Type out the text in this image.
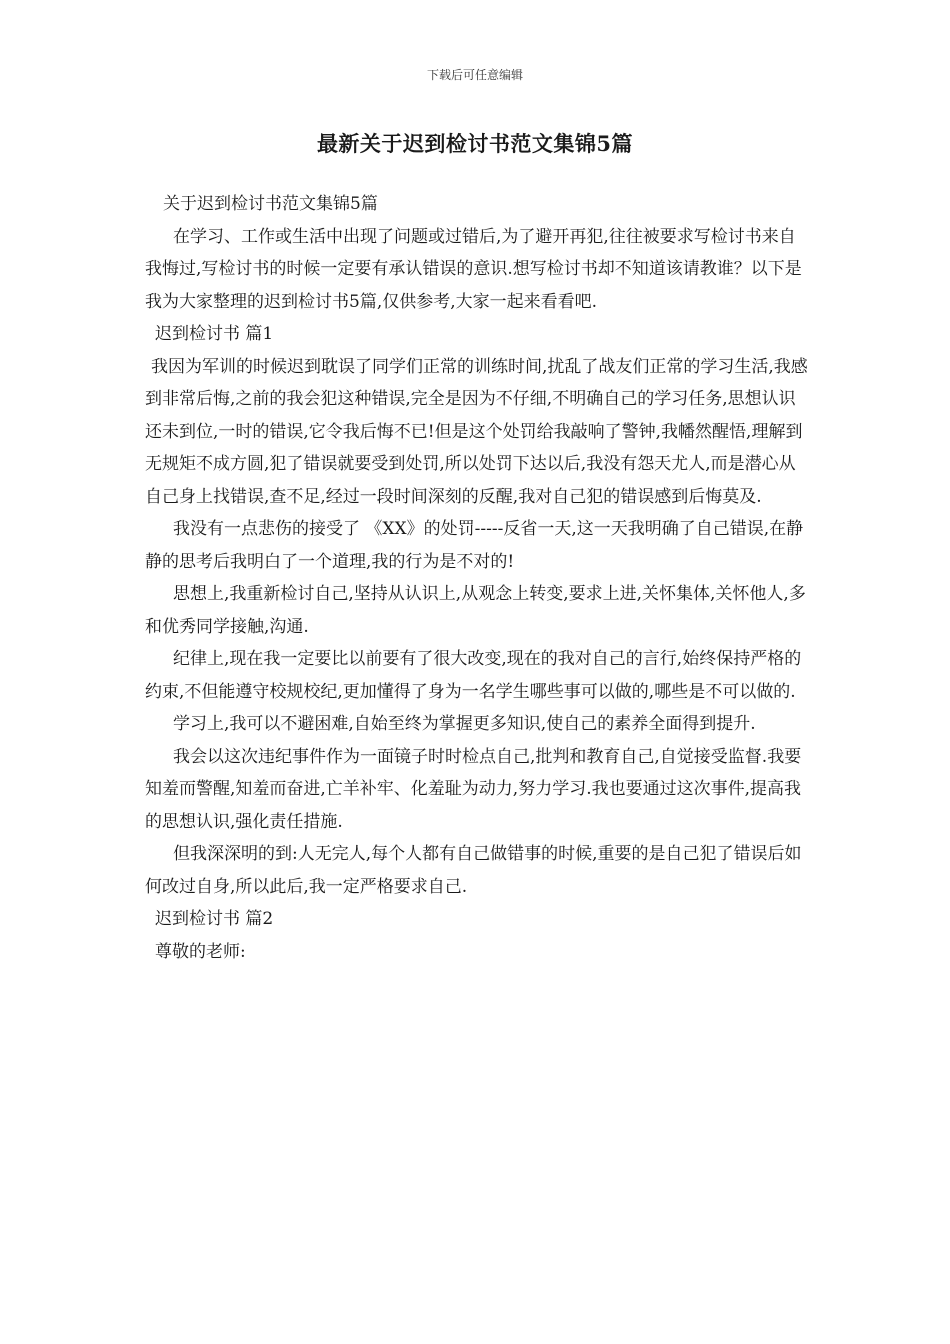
下载后可任意编辑
最新关于迟到检讨书范文集锦5篇

关于迟到检讨书范文集锦5篇

在学习、工作或生活中出现了问题或过错后,为了避开再犯,往往被要求写检讨书来自我悔过,写检讨书的时候一定要有承认错误的意识.想写检讨书却不知道该请教谁？以下是我为大家整理的迟到检讨书5篇,仅供参考,大家一起来看看吧.

迟到检讨书 篇1

我因为军训的时候迟到耽误了同学们正常的训练时间,扰乱了战友们正常的学习生活,我感到非常后悔,之前的我会犯这种错误,完全是因为不仔细,不明确自己的学习任务,思想认识还未到位,一时的错误,它令我后悔不已!但是这个处罚给我敲响了警钟,我幡然醒悟,理解到无规矩不成方圆,犯了错误就要受到处罚,所以处罚下达以后,我没有怨天尤人,而是潜心从自己身上找错误,查不足,经过一段时间深刻的反醒,我对自己犯的错误感到后悔莫及.

我没有一点悲伤的接受了 《XX》的处罚-----反省一天,这一天我明确了自己错误,在静静的思考后我明白了一个道理,我的行为是不对的!

思想上,我重新检讨自己,坚持从认识上,从观念上转变,要求上进,关怀集体,关怀他人,多和优秀同学接触,沟通.

纪律上,现在我一定要比以前要有了很大改变,现在的我对自己的言行,始终保持严格的约束,不但能遵守校规校纪,更加懂得了身为一名学生哪些事可以做的,哪些是不可以做的.

学习上,我可以不避困难,自始至终为掌握更多知识,使自己的素养全面得到提升.

我会以这次违纪事件作为一面镜子时时检点自己,批判和教育自己,自觉接受监督.我要知羞而警醒,知羞而奋进,亡羊补牢、化羞耻为动力,努力学习.我也要通过这次事件,提高我的思想认识,强化责任措施.

但我深深明的到:人无完人,每个人都有自己做错事的时候,重要的是自己犯了错误后如何改过自身,所以此后,我一定严格要求自己.

迟到检讨书 篇2

尊敬的老师:
